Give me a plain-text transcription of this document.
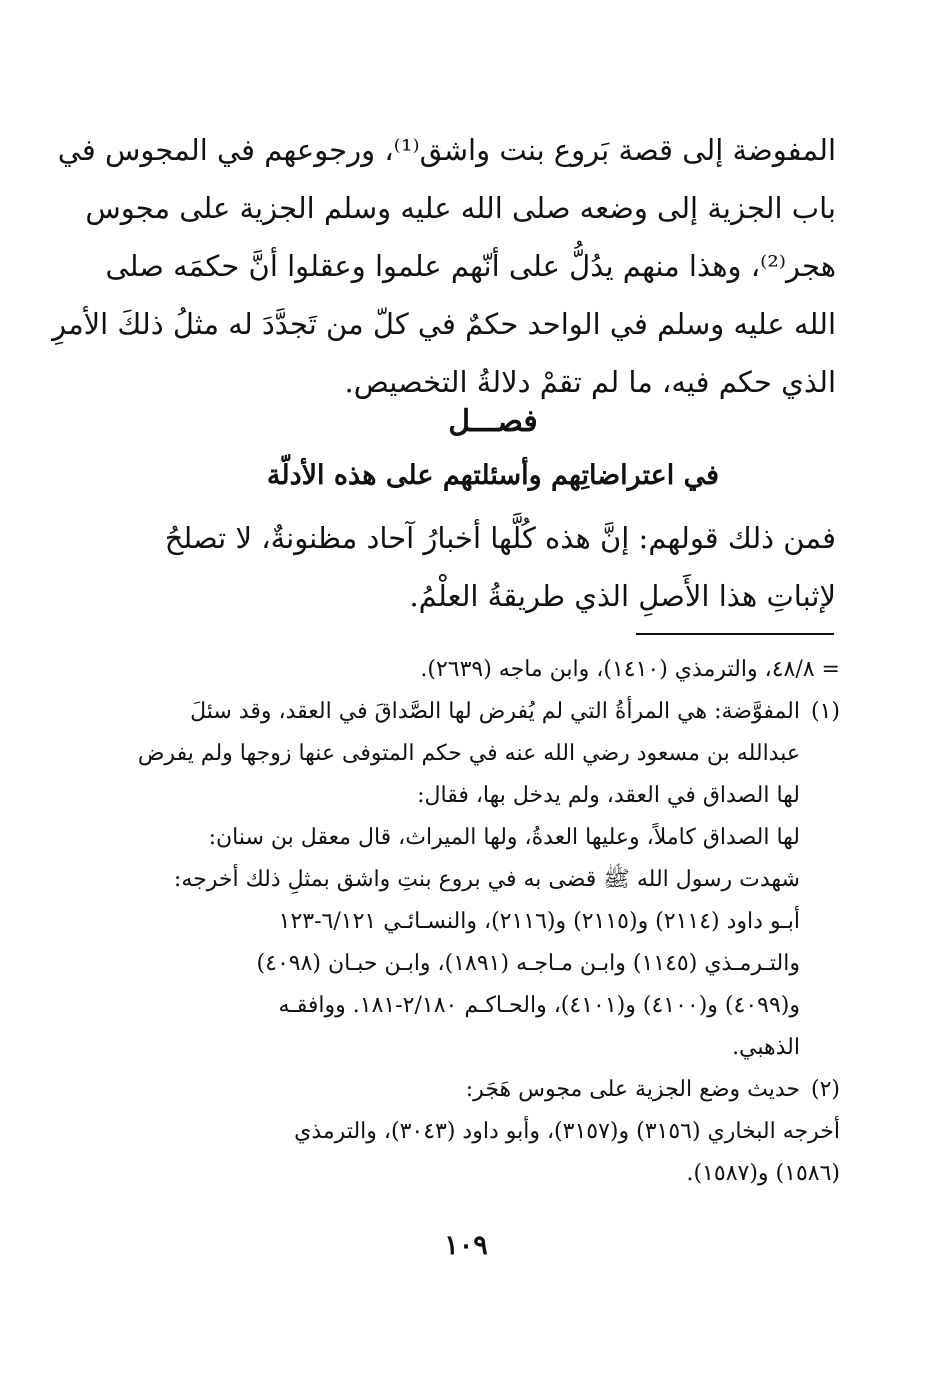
المفوضة إلى قصة بَروع بنت واشق⁽¹⁾، ورجوعهم في المجوس في
باب الجزية إلى وضعه صلى الله عليه وسلم الجزية على مجوس
هجر⁽²⁾، وهذا منهم يدُلُّ على أنّهم علموا وعقلوا أنَّ حكمَه صلى
الله عليه وسلم في الواحد حكمٌ في كلّ من تَجدَّدَ له مثلُ ذلكَ الأمرِ
الذي حكم فيه، ما لم تقمْ دلالةُ التخصيص.
فصـــل
في اعتراضاتِهم وأسئلتهم على هذه الأدلّة
فمن ذلك قولهم: إنَّ هذه كُلَّها أخبارُ آحاد مظنونةٌ، لا تصلحُ
لإثباتِ هذا الأَصلِ الذي طريقةُ العلْمُ.
= ٤٨/٨، والترمذي (١٤١٠)، وابن ماجه (٢٦٣٩).
(١)المفوَّضة: هي المرأةُ التي لم يُفرض لها الصَّداقَ في العقد، وقد سئلَ
عبدالله بن مسعود رضي الله عنه في حكم المتوفى عنها زوجها ولم يفرض
لها الصداق في العقد، ولم يدخل بها، فقال:
لها الصداق كاملاً، وعليها العدةُ، ولها الميراث، قال معقل بن سنان:
شهدت رسول الله ﷺ قضى به في بروع بنتِ واشق بمثلِ ذلك أخرجه:
أبـو داود (٢١١٤) و(٢١١٥) و(٢١١٦)، والنسـائـي ٦/١٢١-١٢٣
والتـرمـذي (١١٤٥) وابـن مـاجـه (١٨٩١)، وابـن حبـان (٤٠٩٨)
و(٤٠٩٩) و(٤١٠٠) و(٤١٠١)، والحـاكـم ٢/١٨٠-١٨١. ووافقـه
الذهبي.
(٢)حديث وضع الجزية على مجوس هَجَر:
أخرجه البخاري (٣١٥٦) و(٣١٥٧)، وأبو داود (٣٠٤٣)، والترمذي
(١٥٨٦) و(١٥٨٧).
١٠٩
